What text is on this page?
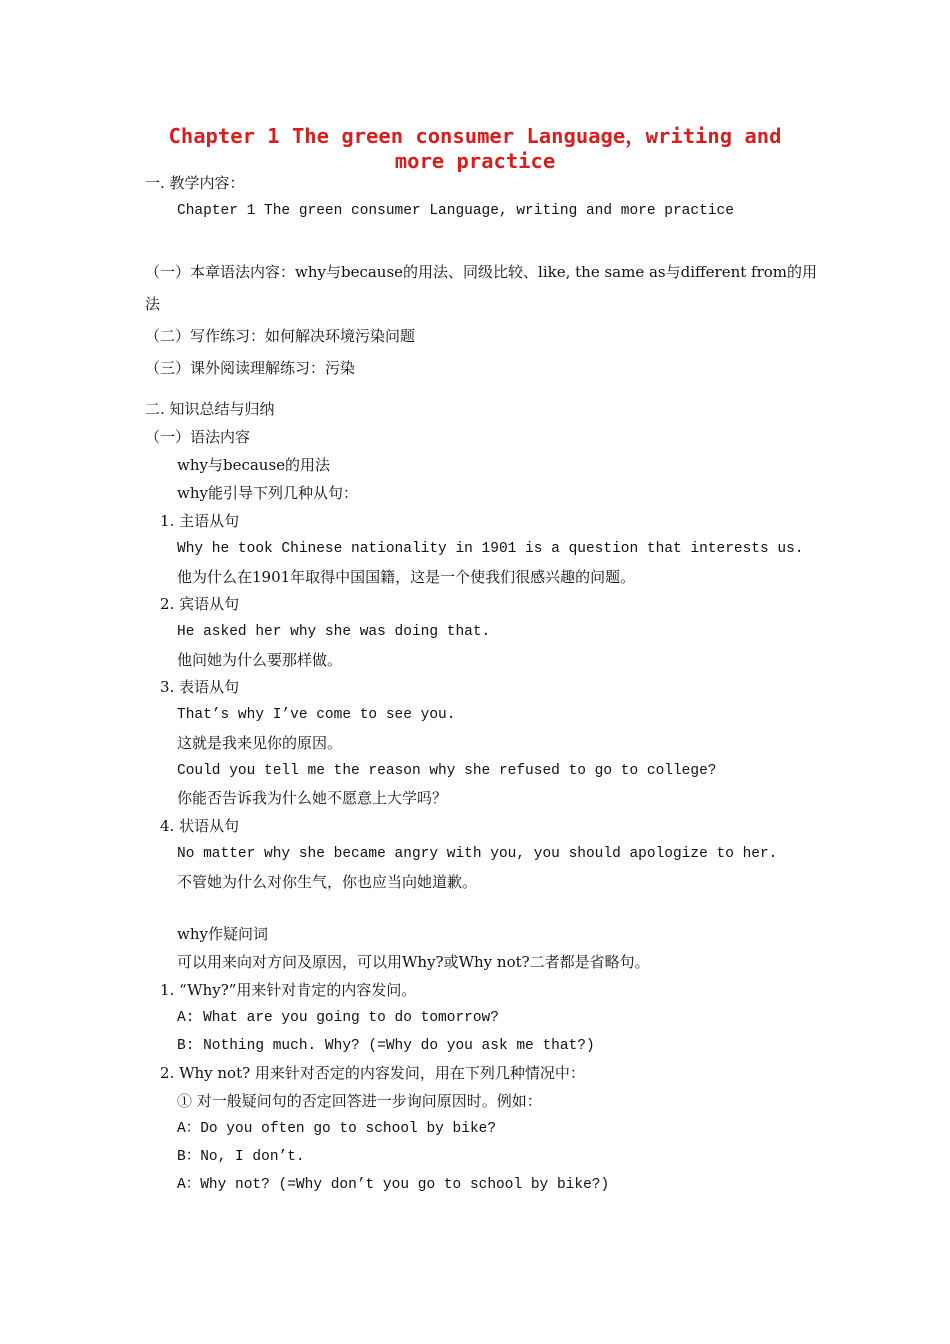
Chapter 1 The green consumer Language，writing and more practice
一. 教学内容：
Chapter 1 The green consumer Language, writing and more practice
（一）本章语法内容：why与because的用法、同级比较、like, the same as与different from的用
法
（二）写作练习：如何解决环境污染问题
（三）课外阅读理解练习：污染
二. 知识总结与归纳
（一）语法内容
why与because的用法
why能引导下列几种从句：
1. 主语从句
Why he took Chinese nationality in 1901 is a question that interests us.
他为什么在1901年取得中国国籍，这是一个使我们很感兴趣的问题。
2. 宾语从句
He asked her why she was doing that.
他问她为什么要那样做。
3. 表语从句
That’s why I’ve come to see you.
这就是我来见你的原因。
Could you tell me the reason why she refused to go to college?
你能否告诉我为什么她不愿意上大学吗？
4. 状语从句
No matter why she became angry with you, you should apologize to her.
不管她为什么对你生气，你也应当向她道歉。
why作疑问词
可以用来向对方问及原因，可以用Why?或Why not?二者都是省略句。
1. “Why?”用来针对肯定的内容发问。
A: What are you going to do tomorrow?
B: Nothing much. Why? (=Why do you ask me that?)
2. Why not? 用来针对否定的内容发问，用在下列几种情况中：
① 对一般疑问句的否定回答进一步询问原因时。例如：
A：Do you often go to school by bike?
B：No, I don’t.
A：Why not? (=Why don’t you go to school by bike?)
